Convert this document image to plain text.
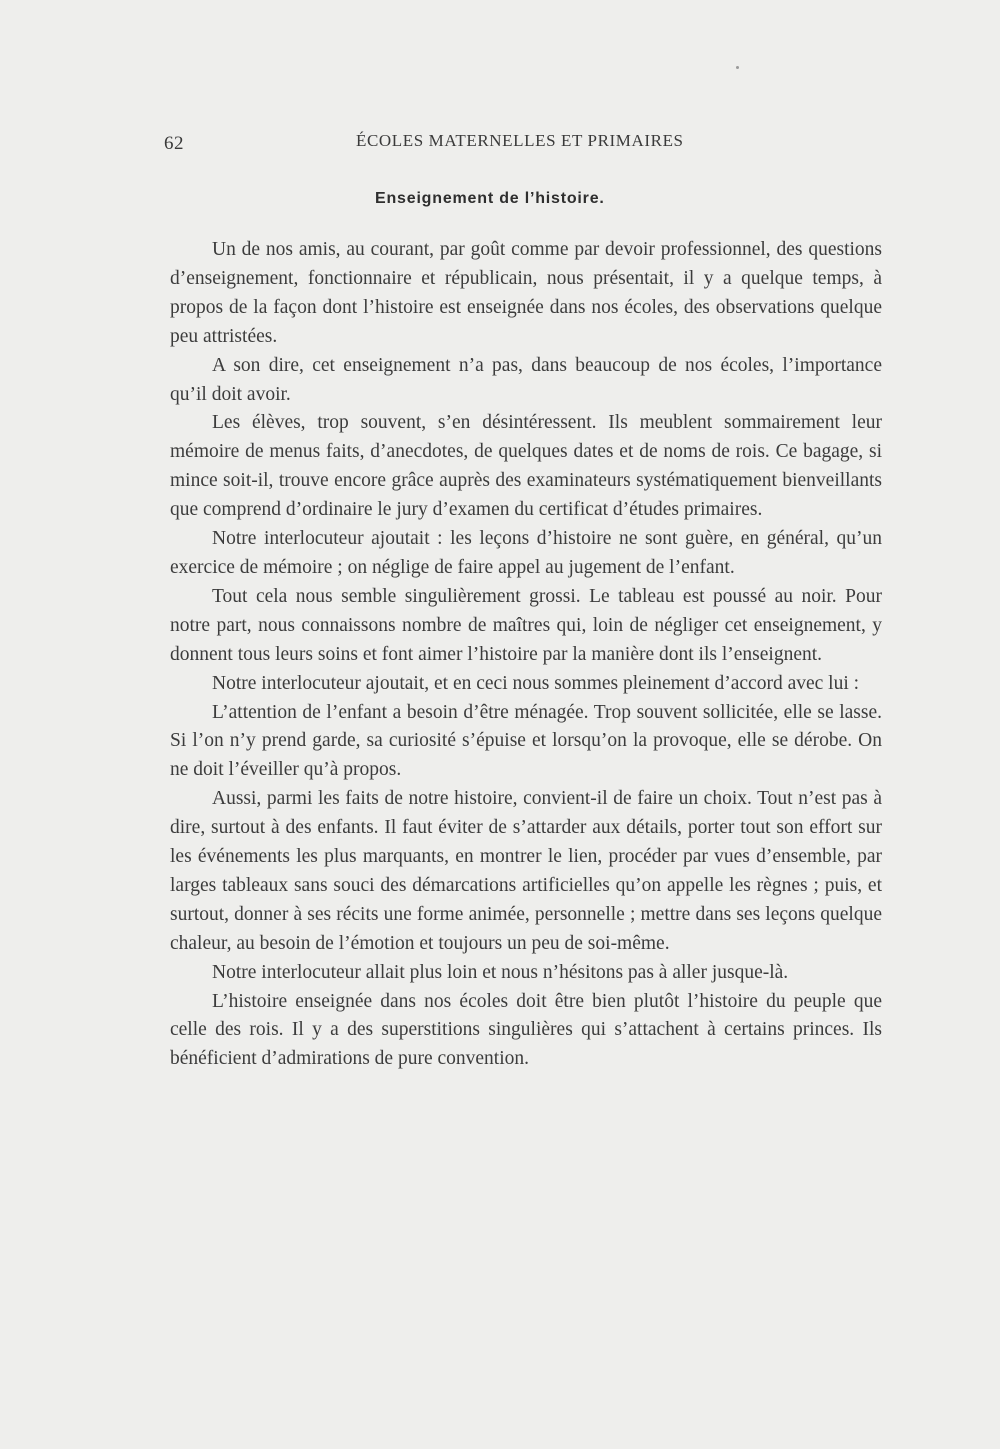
62	ÉCOLES MATERNELLES ET PRIMAIRES
Enseignement de l’histoire.

Un de nos amis, au courant, par goût comme par devoir professionnel, des questions d’enseignement, fonctionnaire et républicain, nous présentait, il y a quelque temps, à propos de la façon dont l’histoire est enseignée dans nos écoles, des observations quelque peu attristées.

A son dire, cet enseignement n’a pas, dans beaucoup de nos écoles, l’importance qu’il doit avoir.

Les élèves, trop souvent, s’en désintéressent. Ils meublent sommairement leur mémoire de menus faits, d’anecdotes, de quelques dates et de noms de rois. Ce bagage, si mince soit-il, trouve encore grâce auprès des examinateurs systématiquement bienveillants que comprend d’ordinaire le jury d’examen du certificat d’études primaires.

Notre interlocuteur ajoutait : les leçons d’histoire ne sont guère, en général, qu’un exercice de mémoire ; on néglige de faire appel au jugement de l’enfant.

Tout cela nous semble singulièrement grossi. Le tableau est poussé au noir. Pour notre part, nous connaissons nombre de maîtres qui, loin de négliger cet enseignement, y donnent tous leurs soins et font aimer l’histoire par la manière dont ils l’enseignent.

Notre interlocuteur ajoutait, et en ceci nous sommes pleinement d’accord avec lui :

L’attention de l’enfant a besoin d’être ménagée. Trop souvent sollicitée, elle se lasse. Si l’on n’y prend garde, sa curiosité s’épuise et lorsqu’on la provoque, elle se dérobe. On ne doit l’éveiller qu’à propos.

Aussi, parmi les faits de notre histoire, convient-il de faire un choix. Tout n’est pas à dire, surtout à des enfants. Il faut éviter de s’attarder aux détails, porter tout son effort sur les événements les plus marquants, en montrer le lien, procéder par vues d’ensemble, par larges tableaux sans souci des démarcations artificielles qu’on appelle les règnes ; puis, et surtout, donner à ses récits une forme animée, personnelle ; mettre dans ses leçons quelque chaleur, au besoin de l’émotion et toujours un peu de soi-même.

Notre interlocuteur allait plus loin et nous n’hésitons pas à aller jusque-là.

L’histoire enseignée dans nos écoles doit être bien plutôt l’histoire du peuple que celle des rois. Il y a des superstitions singulières qui s’attachent à certains princes. Ils bénéficient d’admirations de pure convention.
